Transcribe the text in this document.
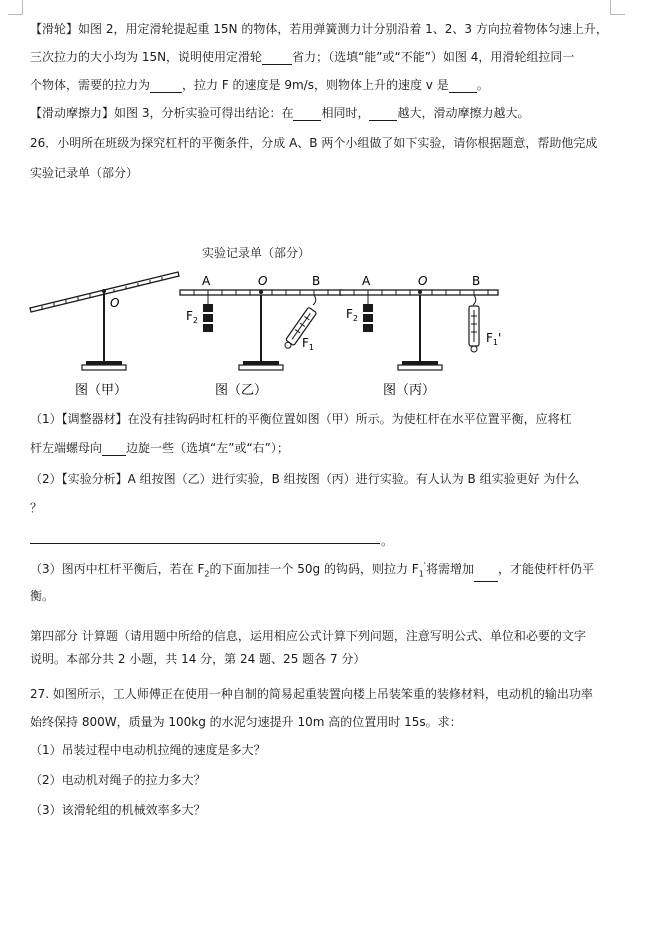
【滑轮】如图 2，用定滑轮提起重 15N 的物体，若用弹簧测力计分别沿着 1、2、3 方向拉着物体匀速上升，
三次拉力的大小均为 15N，说明使用定滑轮	省力；（选填“能”或“不能”）如图 4，用滑轮组拉同一
个物体，需要的拉力为	，拉力 F 的速度是 9m/s，则物体上升的速度 v 是 。
【滑动摩擦力】如图 3，分析实验可得出结论：在 相同时， 越大，滑动摩擦力越大。
26．小明所在班级为探究杠杆的平衡条件，分成 A、B 两个小组做了如下实验，请你根据题意，帮助他完成
实验记录单（部分）
实验记录单（部分）
O
图（甲）
A	O	B
$F_2$
$F_1$
图（乙）
A	O	B
$F_2$
$F_1'$
图（丙）
（1）【调整器材】在没有挂钩码时杠杆的平衡位置如图（甲）所示。为使杠杆在水平位置平衡，应将杠
杆左端螺母向 边旋一些（选填“左”或“右”）；
（2）【实验分析】A 组按图（乙）进行实验，B 组按图（丙）进行实验。有人认为 B 组实验更好 为什么
？
。
（3）图丙中杠杆平衡后，若在 $F_2$的下面加挂一个 50g 的钩码，则拉力 $F_1'$将需增加 ，才能使杆杆仍平
衡。
第四部分 计算题（请用题中所给的信息，运用相应公式计算下列问题，注意写明公式、单位和必要的文字
说明。本部分共 2 小题，共 14 分，第 24 题、25 题各 7 分）
27. 如图所示，工人师傅正在使用一种自制的简易起重装置向楼上吊装笨重的装修材料，电动机的输出功率
始终保持 800W，质量为 100kg 的水泥匀速提升 10m 高的位置用时 15s。求：
（1）吊装过程中电动机拉绳的速度是多大？
（2）电动机对绳子的拉力多大？
（3）该滑轮组的机械效率多大？
